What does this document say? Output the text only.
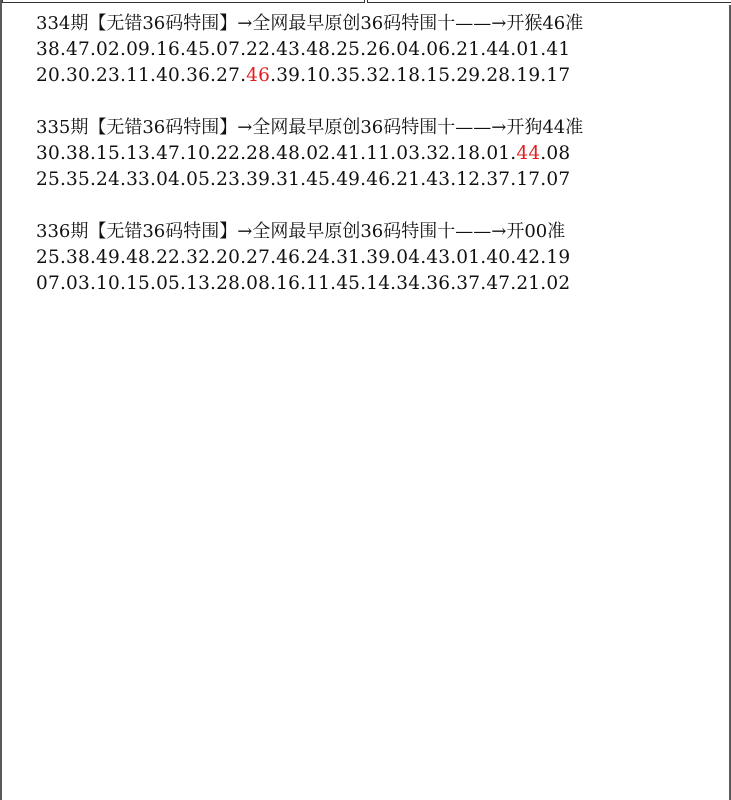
334期【无错36码特围】→全网最早原创36码特围十——→开猴46准
38.47.02.09.16.45.07.22.43.48.25.26.04.06.21.44.01.41
20.30.23.11.40.36.27.46.39.10.35.32.18.15.29.28.19.17
335期【无错36码特围】→全网最早原创36码特围十——→开狗44准
30.38.15.13.47.10.22.28.48.02.41.11.03.32.18.01.44.08
25.35.24.33.04.05.23.39.31.45.49.46.21.43.12.37.17.07
336期【无错36码特围】→全网最早原创36码特围十——→开00准
25.38.49.48.22.32.20.27.46.24.31.39.04.43.01.40.42.19
07.03.10.15.05.13.28.08.16.11.45.14.34.36.37.47.21.02
